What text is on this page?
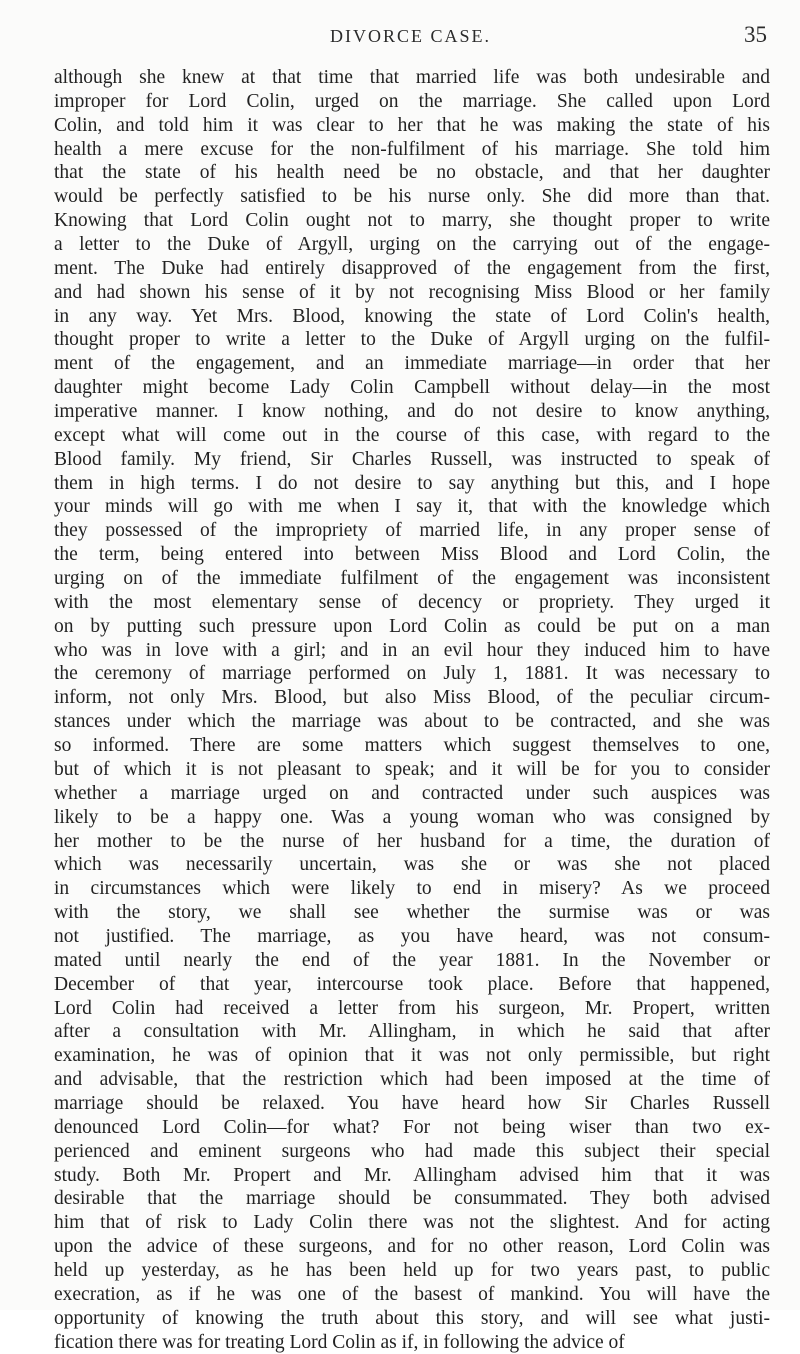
DIVORCE CASE.	35
although she knew at that time that married life was both undesirable and
improper for Lord Colin, urged on the marriage. She called upon Lord
Colin, and told him it was clear to her that he was making the state of his
health a mere excuse for the non-fulfilment of his marriage. She told him
that the state of his health need be no obstacle, and that her daughter
would be perfectly satisfied to be his nurse only. She did more than that.
Knowing that Lord Colin ought not to marry, she thought proper to write
a letter to the Duke of Argyll, urging on the carrying out of the engage-
ment. The Duke had entirely disapproved of the engagement from the first,
and had shown his sense of it by not recognising Miss Blood or her family
in any way. Yet Mrs. Blood, knowing the state of Lord Colin's health,
thought proper to write a letter to the Duke of Argyll urging on the fulfil-
ment of the engagement, and an immediate marriage—in order that her
daughter might become Lady Colin Campbell without delay—in the most
imperative manner. I know nothing, and do not desire to know anything,
except what will come out in the course of this case, with regard to the
Blood family. My friend, Sir Charles Russell, was instructed to speak of
them in high terms. I do not desire to say anything but this, and I hope
your minds will go with me when I say it, that with the knowledge which
they possessed of the impropriety of married life, in any proper sense of
the term, being entered into between Miss Blood and Lord Colin, the
urging on of the immediate fulfilment of the engagement was inconsistent
with the most elementary sense of decency or propriety. They urged it
on by putting such pressure upon Lord Colin as could be put on a man
who was in love with a girl; and in an evil hour they induced him to have
the ceremony of marriage performed on July 1, 1881. It was necessary to
inform, not only Mrs. Blood, but also Miss Blood, of the peculiar circum-
stances under which the marriage was about to be contracted, and she was
so informed. There are some matters which suggest themselves to one,
but of which it is not pleasant to speak; and it will be for you to consider
whether a marriage urged on and contracted under such auspices was
likely to be a happy one. Was a young woman who was consigned by
her mother to be the nurse of her husband for a time, the duration of
which was necessarily uncertain, was she or was she not placed
in circumstances which were likely to end in misery? As we proceed
with the story, we shall see whether the surmise was or was
not justified. The marriage, as you have heard, was not consum-
mated until nearly the end of the year 1881. In the November or
December of that year, intercourse took place. Before that happened,
Lord Colin had received a letter from his surgeon, Mr. Propert, written
after a consultation with Mr. Allingham, in which he said that after
examination, he was of opinion that it was not only permissible, but right
and advisable, that the restriction which had been imposed at the time of
marriage should be relaxed. You have heard how Sir Charles Russell
denounced Lord Colin—for what? For not being wiser than two ex-
perienced and eminent surgeons who had made this subject their special
study. Both Mr. Propert and Mr. Allingham advised him that it was
desirable that the marriage should be consummated. They both advised
him that of risk to Lady Colin there was not the slightest. And for acting
upon the advice of these surgeons, and for no other reason, Lord Colin was
held up yesterday, as he has been held up for two years past, to public
execration, as if he was one of the basest of mankind. You will have the
opportunity of knowing the truth about this story, and will see what justi-
fication there was for treating Lord Colin as if, in following the advice of
